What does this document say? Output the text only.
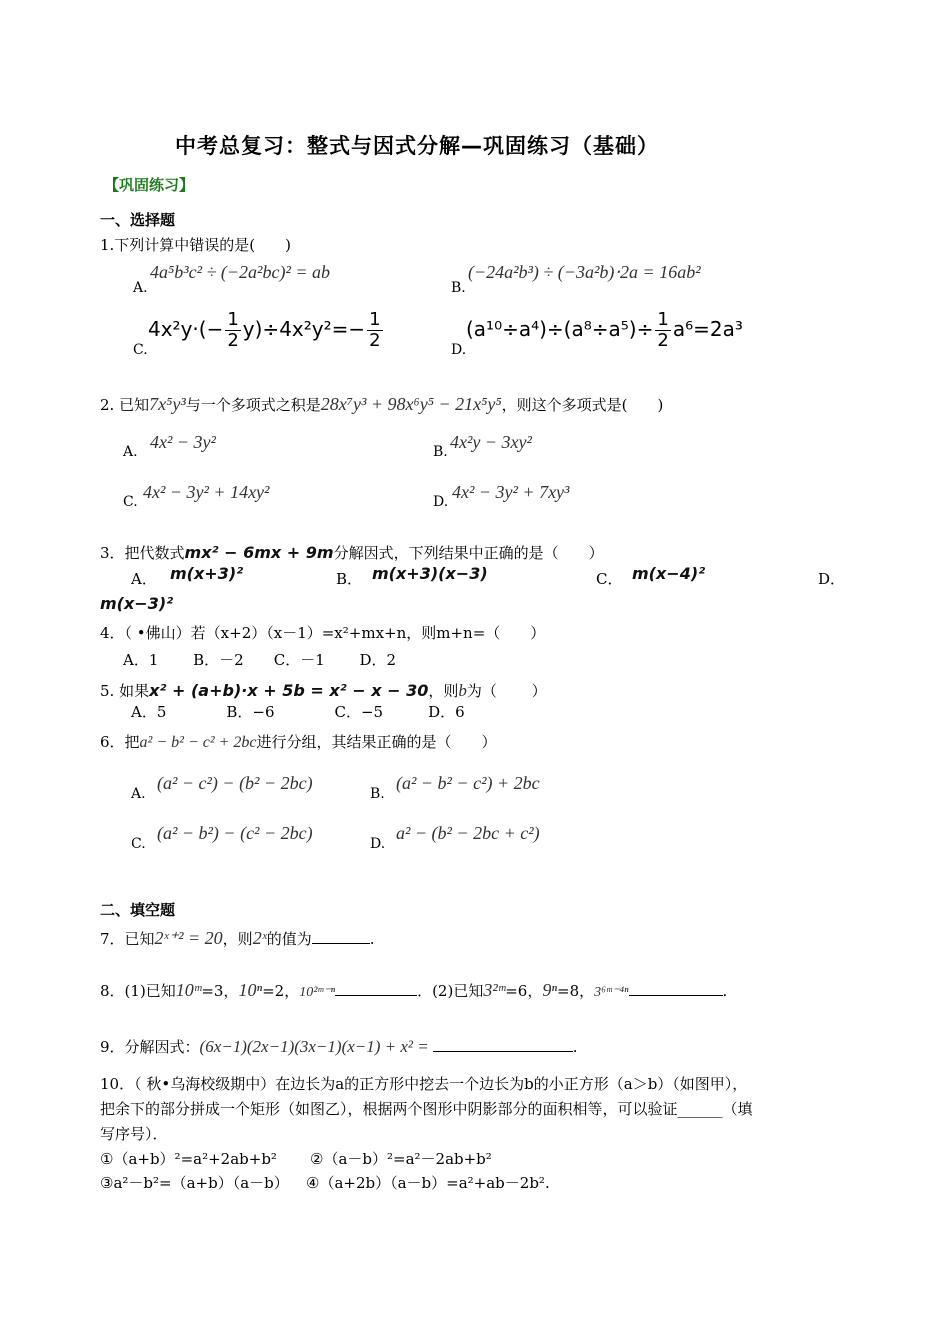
中考总复习：整式与因式分解—巩固练习（基础）
【巩固练习】
一、选择题
1.下列计算中错误的是(　　)
A.
4a⁵b³c² ÷ (−2a²bc)² = ab
B.
(−24a²b³) ÷ (−3a²b)⋅2a = 16ab²
C.
$4x^2y\cdot(- \frac{1}{2} y)\div 4x^2y^2=- \frac{1}{2}$	D.
$(a^{10}\div a^4)\div(a^8\div a^5)\div \frac{1}{2} a^6=2a^3$
2. 已知7x⁵y³与一个多项式之积是28x⁷y³ + 98x⁶y⁵ − 21x⁵y⁵，则这个多项式是(　　)
A. 4x² − 3y²	B. 4x²y − 3xy²
C. 4x² − 3y² + 14xy²	D. 4x² − 3y² + 7xy³
3．把代数式mx² − 6mx + 9m分解因式，下列结果中正确的是（　　）
A． m(x+3)²	B． m(x+3)(x−3)	C． m(x−4)²	D．
m(x−3)²
4．（ •佛山）若（x+2）（x－1）=x²+mx+n，则m+n=（　　）
A．1　　 B．－2　　C．－1　　 D．2
5. 如果x² + (a+b)·x + 5b = x² − x − 30，则b为（　　 ）
A．5　　　　B．−6　　　　C．−5　　　D．6
6．把a² − b² − c² + 2bc进行分组，其结果正确的是（　　）
A.
(a² − c²) − (b² − 2bc)
B.
(a² − b² − c²) + 2bc
C.
(a² − b²) − (c² − 2bc)
D.
a² − (b² − 2bc + c²)
二、填空题
7．已知2ˣ⁺² = 20，则2ˣ的值为	.
8．(1)已知10ᵐ=3，10ⁿ=2，10²ᵐ⁻ⁿ	．(2)已知3²ᵐ=6，9ⁿ=8，3⁶ᵐ⁻⁴ⁿ	.
9．分解因式：(6x−1)(2x−1)(3x−1)(x−1) + x² =	.
10．（ 秋•乌海校级期中）在边长为a的正方形中挖去一个边长为b的小正方形（a＞b）（如图甲），
把余下的部分拼成一个矩形（如图乙），根据两个图形中阴影部分的面积相等，可以验证______（填
写序号）．
①（a+b）²=a²+2ab+b² ②（a－b）²=a²－2ab+b²
③a²－b²=（a+b）（a－b） ④（a+2b）（a－b）=a²+ab－2b².
